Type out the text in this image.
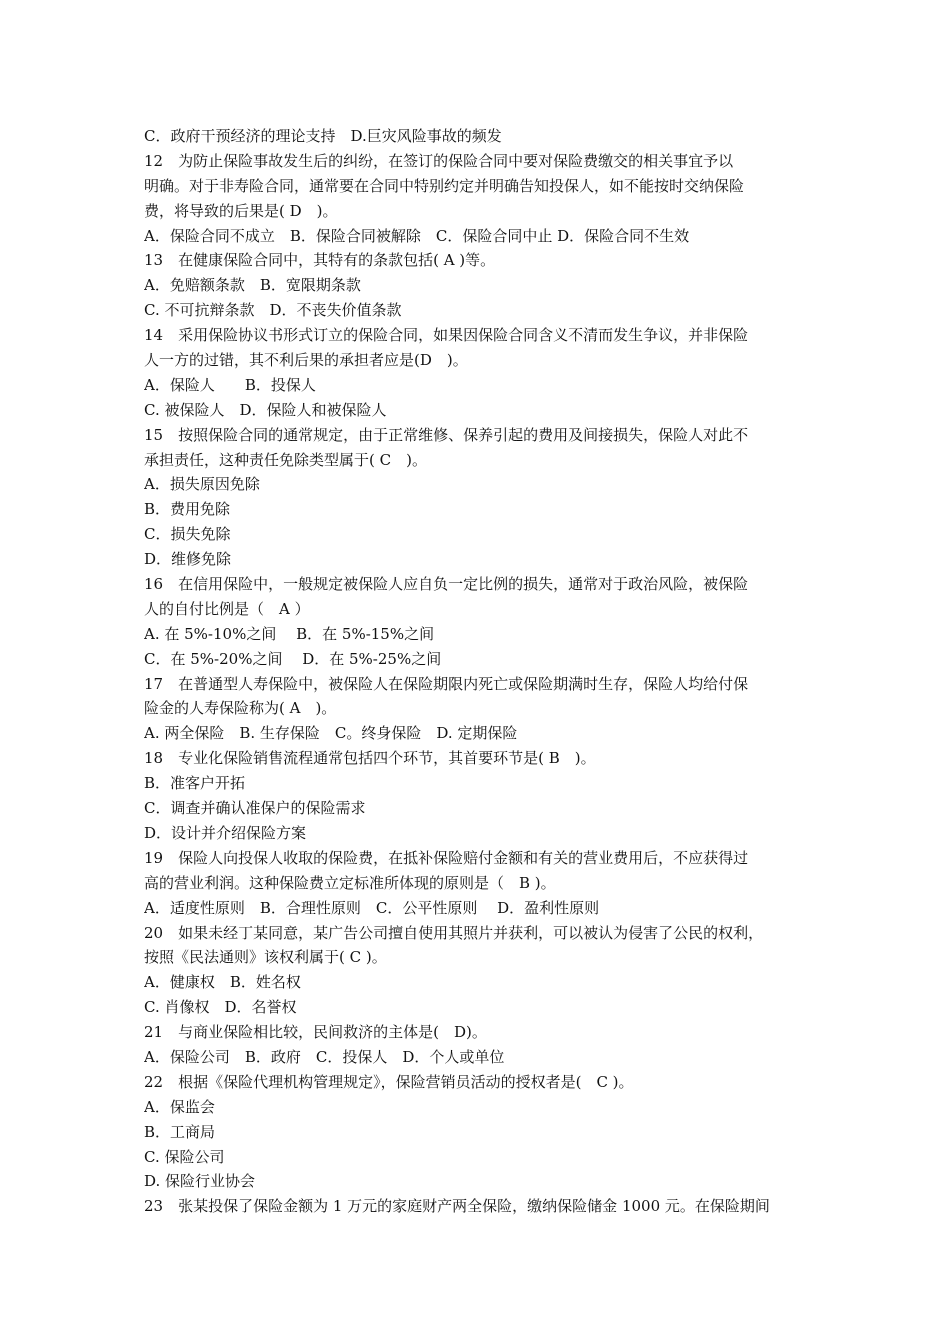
C．政府干预经济的理论支持　D.巨灾风险事故的频发
12　为防止保险事故发生后的纠纷，在签订的保险合同中要对保险费缴交的相关事宜予以
明确。对于非寿险合同，通常要在合同中特别约定并明确告知投保人，如不能按时交纳保险
费，将导致的后果是( D　)。
A．保险合同不成立　B．保险合同被解除　C．保险合同中止 D．保险合同不生效
13　在健康保险合同中，其特有的条款包括( A )等。
A．免赔额条款　B．宽限期条款
C. 不可抗辩条款　D．不丧失价值条款
14　采用保险协议书形式订立的保险合同，如果因保险合同含义不清而发生争议，并非保险
人一方的过错，其不利后果的承担者应是(D　)。
A．保险人　　B．投保人
C. 被保险人　D．保险人和被保险人
15　按照保险合同的通常规定，由于正常维修、保养引起的费用及间接损失，保险人对此不
承担责任，这种责任免除类型属于( C　)。
A．损失原因免除
B．费用免除
C．损失免除
D．维修免除
16　在信用保险中，一般规定被保险人应自负一定比例的损失，通常对于政治风险，被保险
人的自付比例是（　A ）
A. 在 5%-10%之间　 B．在 5%-15%之间
C．在 5%-20%之间　 D．在 5%-25%之间
17　在普通型人寿保险中，被保险人在保险期限内死亡或保险期满时生存，保险人均给付保
险金的人寿保险称为( A　)。
A. 两全保险　B. 生存保险　C。终身保险　D. 定期保险
18　专业化保险销售流程通常包括四个环节，其首要环节是( B　)。
B．准客户开拓
C．调查并确认准保户的保险需求
D．设计并介绍保险方案
19　保险人向投保人收取的保险费，在抵补保险赔付金额和有关的营业费用后，不应获得过
高的营业利润。这种保险费立定标准所体现的原则是（　B )。
A．适度性原则　B．合理性原则　C．公平性原则　 D．盈利性原则
20　如果未经丁某同意，某广告公司擅自使用其照片并获利，可以被认为侵害了公民的权利，
按照《民法通则》该权利属于( C )。
A．健康权　B．姓名权
C. 肖像权　D．名誉权
21　与商业保险相比较，民间救济的主体是(　D)。
A．保险公司　B．政府　C．投保人　D．个人或单位
22　根据《保险代理机构管理规定》，保险营销员活动的授权者是(　C )。
A．保监会
B．工商局
C. 保险公司
D. 保险行业协会
23　张某投保了保险金额为 1 万元的家庭财产两全保险，缴纳保险储金 1000 元。在保险期间
